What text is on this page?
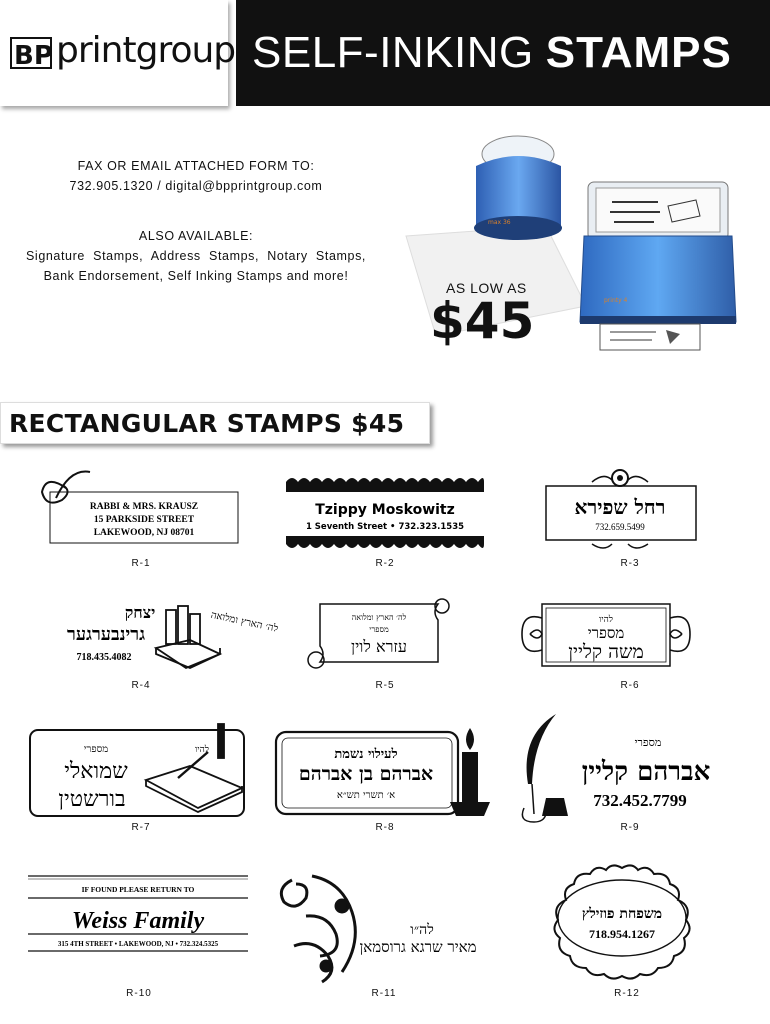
BP printgroup SELF-INKING STAMPS
FAX OR EMAIL ATTACHED FORM TO:
732.905.1320 / digital@bpprintgroup.com
ALSO AVAILABLE:
Signature Stamps, Address Stamps, Notary Stamps, Bank Endorsement, Self Inking Stamps and more!
max 36
printy 4
AS LOW AS
$45
RECTANGULAR STAMPS $45
RABBI & MRS. KRAUSZ
15 PARKSIDE STREET
LAKEWOOD, NJ 08701
R-1
Tzippy Moskowitz
1 Seventh Street • 732.323.1535
R-2
רחל שפירא
732.659.5499
R-3
לה׳ הארץ ומלואה
יצחק
גרינבערגער
718.435.4082
R-4
לה׳ הארץ ומלואה
מספרי
עזרא לוין
R-5
להיו
מספרי
משה קליין
R-6
מספרי	להיו
שמואלי
בורשטין
R-7
לעילוי נשמת
אברהם בן אברהם
א׳ תשרי תש״א
R-8
מספרי
אברהם קליין
732.452.7799
R-9
IF FOUND PLEASE RETURN TO
Weiss Family
315 4TH STREET • LAKEWOOD, NJ • 732.324.5325
R-10
לה״ו
מאיר שרגא גרוסמאן
R-11
משפחת פוזילץ
718.954.1267
R-12
